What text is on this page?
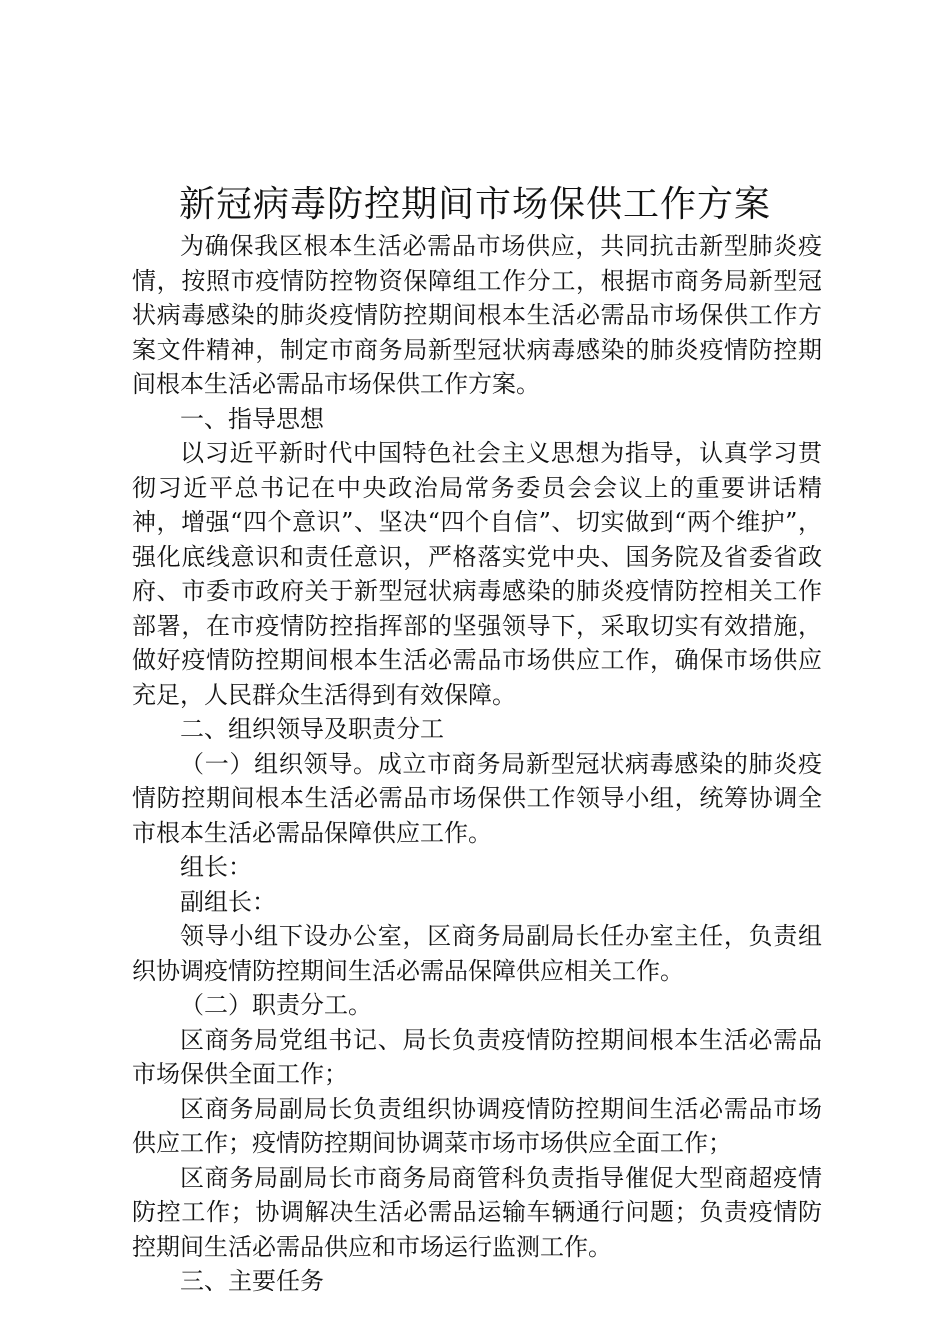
新冠病毒防控期间市场保供工作方案

为确保我区根本生活必需品市场供应，共同抗击新型肺炎疫情，按照市疫情防控物资保障组工作分工，根据市商务局新型冠状病毒感染的肺炎疫情防控期间根本生活必需品市场保供工作方案文件精神，制定市商务局新型冠状病毒感染的肺炎疫情防控期间根本生活必需品市场保供工作方案。

一、指导思想

以习近平新时代中国特色社会主义思想为指导，认真学习贯彻习近平总书记在中央政治局常务委员会会议上的重要讲话精神，增强“四个意识”、坚决“四个自信”、切实做到“两个维护”，强化底线意识和责任意识，严格落实党中央、国务院及省委省政府、市委市政府关于新型冠状病毒感染的肺炎疫情防控相关工作部署，在市疫情防控指挥部的坚强领导下，采取切实有效措施，做好疫情防控期间根本生活必需品市场供应工作，确保市场供应充足，人民群众生活得到有效保障。

二、组织领导及职责分工

（一）组织领导。成立市商务局新型冠状病毒感染的肺炎疫情防控期间根本生活必需品市场保供工作领导小组，统筹协调全市根本生活必需品保障供应工作。

组长：

副组长：

领导小组下设办公室，区商务局副局长任办室主任，负责组织协调疫情防控期间生活必需品保障供应相关工作。

（二）职责分工。

区商务局党组书记、局长负责疫情防控期间根本生活必需品市场保供全面工作；

区商务局副局长负责组织协调疫情防控期间生活必需品市场供应工作；疫情防控期间协调菜市场市场供应全面工作；

区商务局副局长市商务局商管科负责指导催促大型商超疫情防控工作；协调解决生活必需品运输车辆通行问题；负责疫情防控期间生活必需品供应和市场运行监测工作。

三、主要任务
